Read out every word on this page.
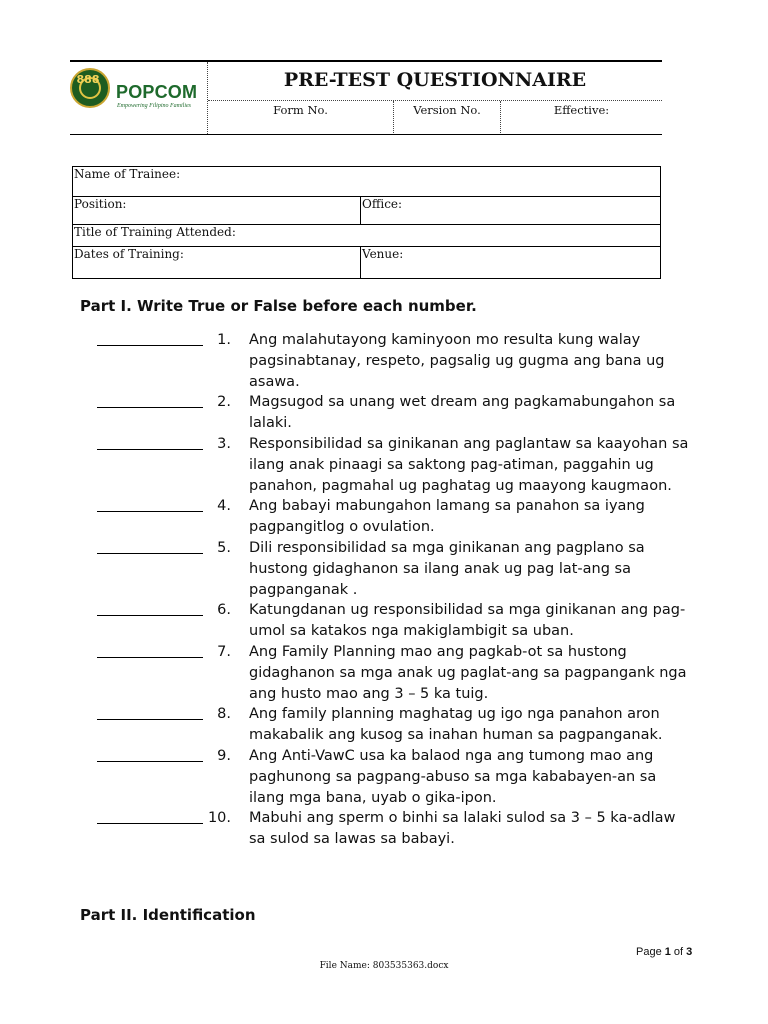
888
POPCOM
Empowering Filipino Families
PRE-TEST QUESTIONNAIRE
Form No.	Version No.	Effective:
Name of Trainee:	
Position:	Office:
Title of Training Attended:	
Dates of Training:	Venue:
Part I. Write True or False before each number.
1. Ang malahutayong kaminyoon mo resulta kung walay pagsinabtanay, respeto, pagsalig ug gugma ang bana ug asawa.
2. Magsugod sa unang wet dream ang pagkamabungahon sa lalaki.
3. Responsibilidad sa ginikanan ang paglantaw sa kaayohan sa ilang anak pinaagi sa saktong pag-atiman, paggahin ug panahon, pagmahal ug paghatag ug maayong kaugmaon.
4. Ang babayi mabungahon lamang sa panahon sa iyang pagpangitlog o ovulation.
5. Dili responsibilidad sa mga ginikanan ang pagplano sa hustong gidaghanon sa ilang anak ug pag lat-ang sa pagpanganak .
6. Katungdanan ug responsibilidad sa mga ginikanan ang pag-umol sa katakos nga makiglambigit sa uban.
7. Ang Family Planning mao ang pagkab-ot sa hustong gidaghanon sa mga anak ug paglat-ang sa pagpangank nga ang husto mao ang 3 – 5 ka tuig.
8. Ang family planning maghatag ug igo nga panahon aron makabalik ang kusog sa inahan human sa pagpanganak.
9. Ang Anti-VawC usa ka balaod nga ang tumong mao ang paghunong sa pagpang-abuso sa mga kababayen-an sa ilang mga bana, uyab o gika-ipon.
10. Mabuhi ang sperm o binhi sa lalaki sulod sa 3 – 5 ka-adlaw sa sulod sa lawas sa babayi.
Part II. Identification
Page 1 of 3
File Name: 803535363.docx
